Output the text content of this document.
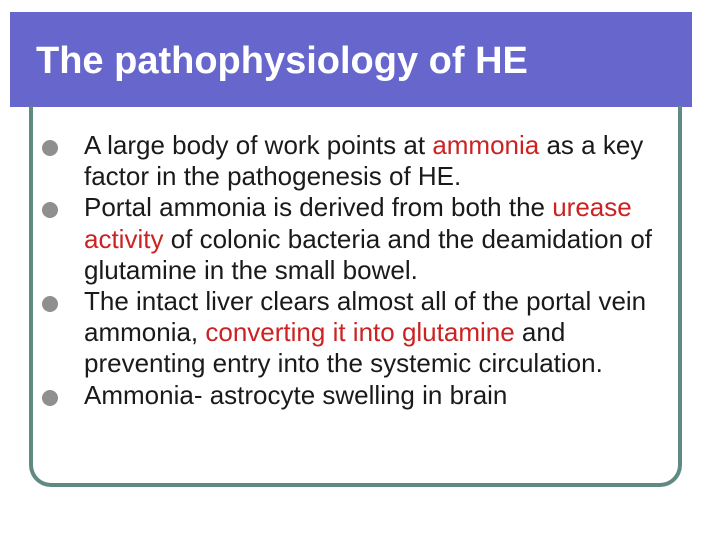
The pathophysiology of HE
A large body of work points at ammonia as a key factor in the pathogenesis of HE.
Portal ammonia is derived from both the urease activity of colonic bacteria and the deamidation of glutamine in the small bowel.
The intact liver clears almost all of the portal vein ammonia, converting it into glutamine and preventing entry into the systemic circulation.
Ammonia- astrocyte swelling in brain
